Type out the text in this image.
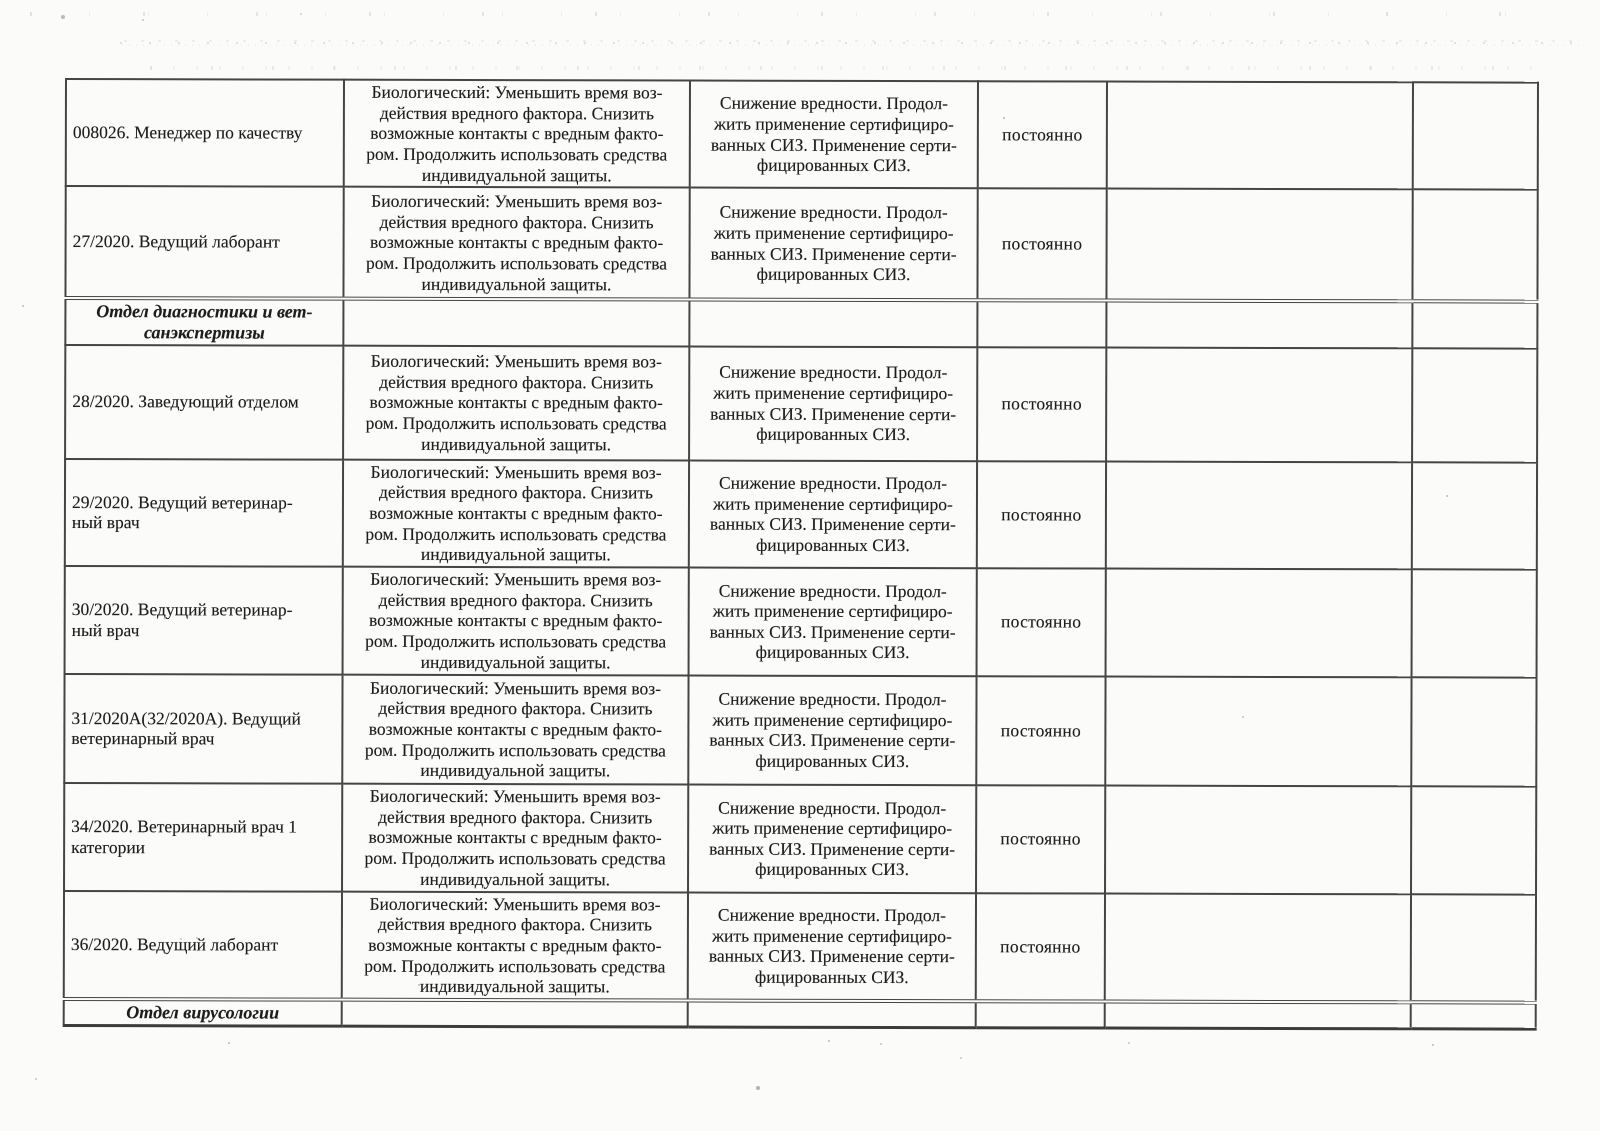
008026. Менеджер по качеству	Биологический: Уменьшить время воз-
действия вредного фактора. Снизить
возможные контакты с вредным факто-
ром. Продолжить использовать средства
индивидуальной защиты.	Снижение вредности. Продол-
жить применение сертифициро-
ванных СИЗ. Применение серти-
фицированных СИЗ.	постоянно		
27/2020. Ведущий лаборант	Биологический: Уменьшить время воз-
действия вредного фактора. Снизить
возможные контакты с вредным факто-
ром. Продолжить использовать средства
индивидуальной защиты.	Снижение вредности. Продол-
жить применение сертифициро-
ванных СИЗ. Применение серти-
фицированных СИЗ.	постоянно		
Отдел диагностики и вет-
санэкспертизы					
28/2020. Заведующий отделом	Биологический: Уменьшить время воз-
действия вредного фактора. Снизить
возможные контакты с вредным факто-
ром. Продолжить использовать средства
индивидуальной защиты.	Снижение вредности. Продол-
жить применение сертифициро-
ванных СИЗ. Применение серти-
фицированных СИЗ.	постоянно		
29/2020. Ведущий ветеринар-
ный врач	Биологический: Уменьшить время воз-
действия вредного фактора. Снизить
возможные контакты с вредным факто-
ром. Продолжить использовать средства
индивидуальной защиты.	Снижение вредности. Продол-
жить применение сертифициро-
ванных СИЗ. Применение серти-
фицированных СИЗ.	постоянно		
30/2020. Ведущий ветеринар-
ный врач	Биологический: Уменьшить время воз-
действия вредного фактора. Снизить
возможные контакты с вредным факто-
ром. Продолжить использовать средства
индивидуальной защиты.	Снижение вредности. Продол-
жить применение сертифициро-
ванных СИЗ. Применение серти-
фицированных СИЗ.	постоянно		
31/2020А(32/2020А). Ведущий
ветеринарный врач	Биологический: Уменьшить время воз-
действия вредного фактора. Снизить
возможные контакты с вредным факто-
ром. Продолжить использовать средства
индивидуальной защиты.	Снижение вредности. Продол-
жить применение сертифициро-
ванных СИЗ. Применение серти-
фицированных СИЗ.	постоянно		
34/2020. Ветеринарный врач 1
категории	Биологический: Уменьшить время воз-
действия вредного фактора. Снизить
возможные контакты с вредным факто-
ром. Продолжить использовать средства
индивидуальной защиты.	Снижение вредности. Продол-
жить применение сертифициро-
ванных СИЗ. Применение серти-
фицированных СИЗ.	постоянно		
36/2020. Ведущий лаборант	Биологический: Уменьшить время воз-
действия вредного фактора. Снизить
возможные контакты с вредным факто-
ром. Продолжить использовать средства
индивидуальной защиты.	Снижение вредности. Продол-
жить применение сертифициро-
ванных СИЗ. Применение серти-
фицированных СИЗ.	постоянно		
Отдел вирусологии					
